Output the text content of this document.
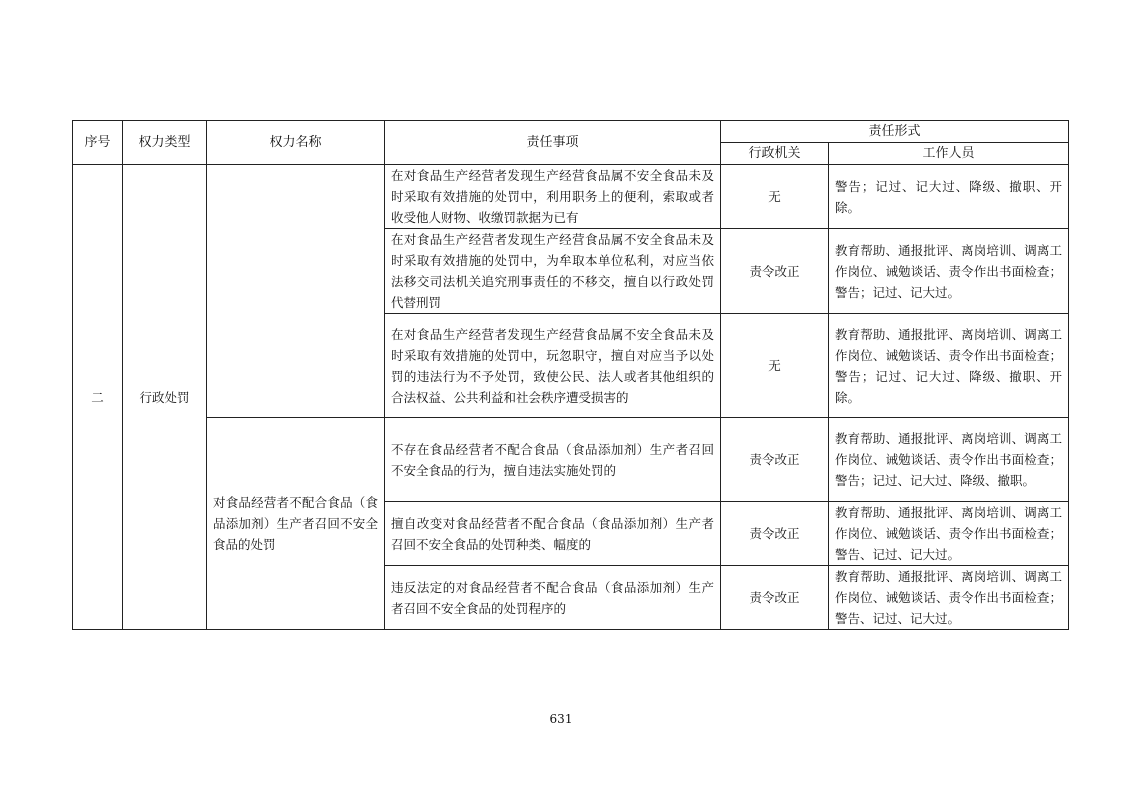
序号	权力类型	权力名称	责任事项	责任形式	
				行政机关	工作人员
二	行政处罚		在对食品生产经营者发现生产经营食品属不安全食品未及时采取有效措施的处罚中，利用职务上的便利，索取或者收受他人财物、收缴罚款据为已有	无	警告；记过、记大过、降级、撤职、开除。
			在对食品生产经营者发现生产经营食品属不安全食品未及时采取有效措施的处罚中，为牟取本单位私利，对应当依法移交司法机关追究刑事责任的不移交，擅自以行政处罚代替刑罚	责令改正	教育帮助、通报批评、离岗培训、调离工作岗位、诫勉谈话、责令作出书面检查；警告；记过、记大过。
			在对食品生产经营者发现生产经营食品属不安全食品未及时采取有效措施的处罚中，玩忽职守，擅自对应当予以处罚的违法行为不予处罚，致使公民、法人或者其他组织的合法权益、公共利益和社会秩序遭受损害的	无	教育帮助、通报批评、离岗培训、调离工作岗位、诫勉谈话、责令作出书面检查；警告；记过、记大过、降级、撤职、开除。
		对食品经营者不配合食品（食品添加剂）生产者召回不安全食品的处罚	不存在食品经营者不配合食品（食品添加剂）生产者召回不安全食品的行为，擅自违法实施处罚的	责令改正	教育帮助、通报批评、离岗培训、调离工作岗位、诫勉谈话、责令作出书面检查；警告；记过、记大过、降级、撤职。
			擅自改变对食品经营者不配合食品（食品添加剂）生产者召回不安全食品的处罚种类、幅度的	责令改正	教育帮助、通报批评、离岗培训、调离工作岗位、诫勉谈话、责令作出书面检查；警告、记过、记大过。
			违反法定的对食品经营者不配合食品（食品添加剂）生产者召回不安全食品的处罚程序的	责令改正	教育帮助、通报批评、离岗培训、调离工作岗位、诫勉谈话、责令作出书面检查；警告、记过、记大过。
631
